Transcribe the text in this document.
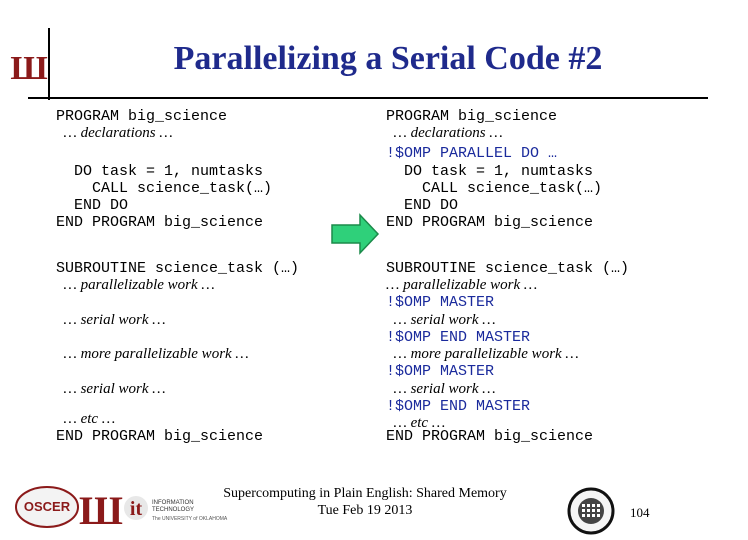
Ш	Parallelizing a Serial Code #2
PROGRAM big_science
… declarations …
DO task = 1, numtasks
CALL science_task(…)
END DO
END PROGRAM big_science
SUBROUTINE science_task (…)
… parallelizable work …
… serial work …
… more parallelizable work …
… serial work …
… etc …
END PROGRAM big_science
PROGRAM big_science
… declarations …
!$OMP PARALLEL DO …
DO task = 1, numtasks
CALL science_task(…)
END DO
END PROGRAM big_science
SUBROUTINE science_task (…)
… parallelizable work …
!$OMP MASTER
… serial work …
!$OMP END MASTER
… more parallelizable work …
!$OMP MASTER
… serial work …
!$OMP END MASTER
… etc …
END PROGRAM big_science
OSCER Ш it INFORMATION
TECHNOLOGY
The UNIVERSITY of OKLAHOMA
Supercomputing in Plain English: Shared Memory
Tue Feb 19 2013	104
